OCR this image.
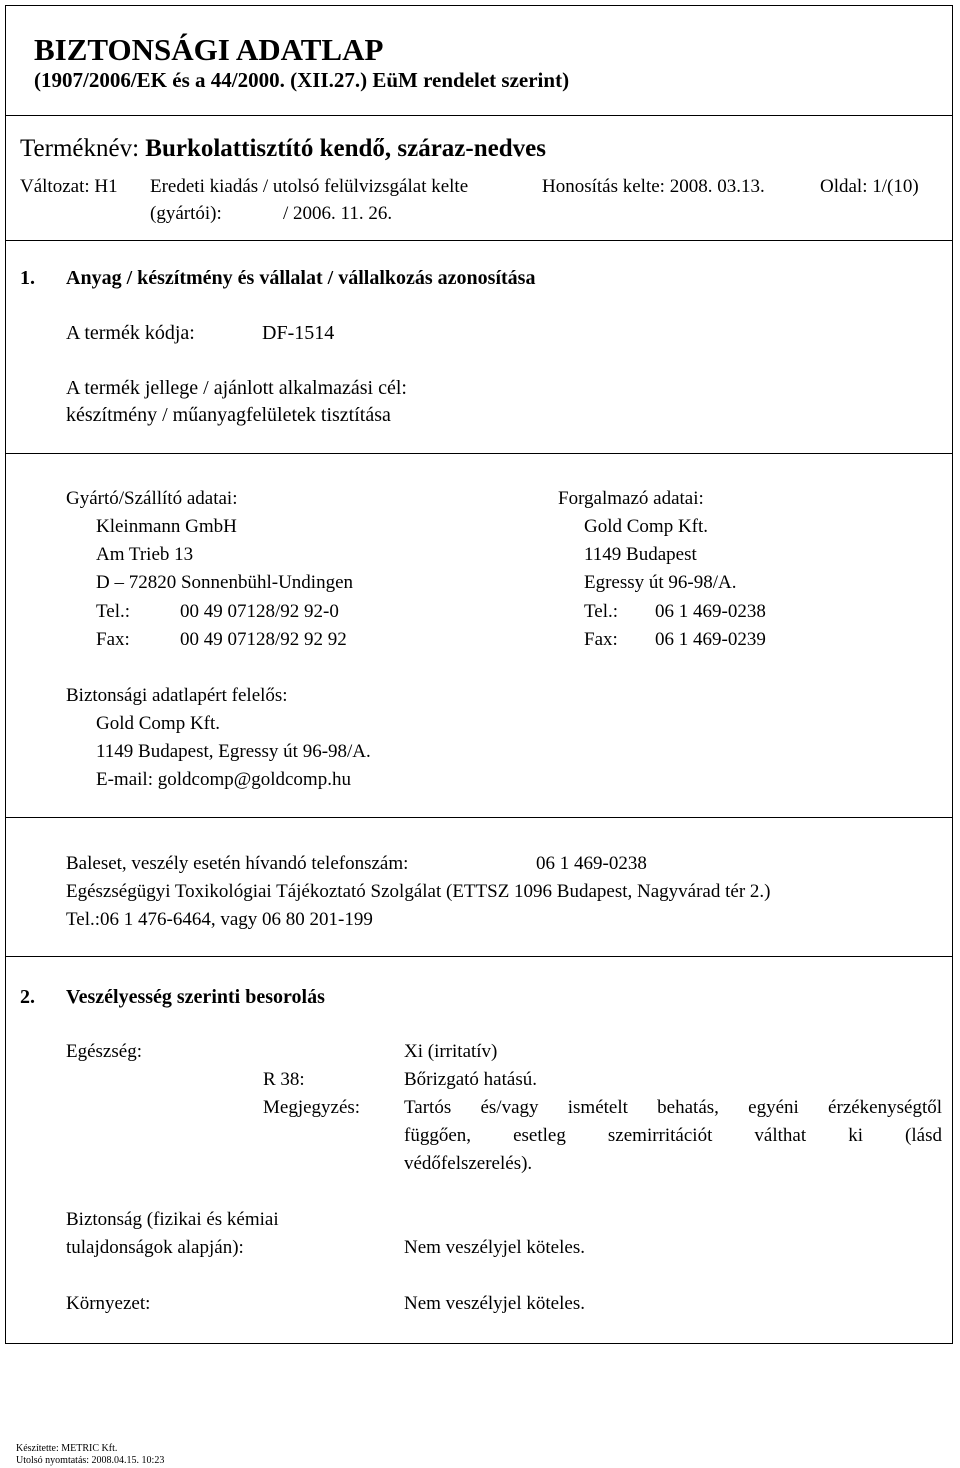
BIZTONSÁGI ADATLAP
(1907/2006/EK és a 44/2000. (XII.27.) EüM rendelet szerint)
Terméknév: Burkolattisztító kendő, száraz-nedves
Változat: H1 Eredeti kiadás / utolsó felülvizsgálat kelte
(gyártói):	/ 2006. 11. 26.
Honosítás kelte: 2008. 03.13.	Oldal: 1/(10)
1. Anyag / készítmény és vállalat / vállalkozás azonosítása
A termék kódja:	DF-1514
A termék jellege / ajánlott alkalmazási cél:
készítmény / műanyagfelületek tisztítása
Gyártó/Szállító adatai:
Kleinmann GmbH
Am Trieb 13
D – 72820 Sonnenbühl-Undingen
Tel.:	00 49 07128/92 92-0
Fax:	00 49 07128/92 92 92
Forgalmazó adatai:
Gold Comp Kft.
1149 Budapest
Egressy út 96-98/A.
Tel.: 06 1 469-0238
Fax: 06 1 469-0239
Biztonsági adatlapért felelős:
Gold Comp Kft.
1149 Budapest, Egressy út 96-98/A.
E-mail: goldcomp@goldcomp.hu
Baleset, veszély esetén hívandó telefonszám:	06 1 469-0238
Egészségügyi Toxikológiai Tájékoztató Szolgálat (ETTSZ 1096 Budapest, Nagyvárad tér 2.)
Tel.:06 1 476-6464, vagy 06 80 201-199
2. Veszélyesség szerinti besorolás
Egészség:	Xi (irritatív)
R 38:	Bőrizgató hatású.
Megjegyzés: Tartós és/vagy ismételt behatás, egyéni érzékenységtől
függően, esetleg szemirritációt válthat ki (lásd
védőfelszerelés).
Biztonság (fizikai és kémiai
tulajdonságok alapján):	Nem veszélyjel köteles.
Környezet:	Nem veszélyjel köteles.
Készítette: METRIC Kft.
Utolsó nyomtatás: 2008.04.15. 10:23
